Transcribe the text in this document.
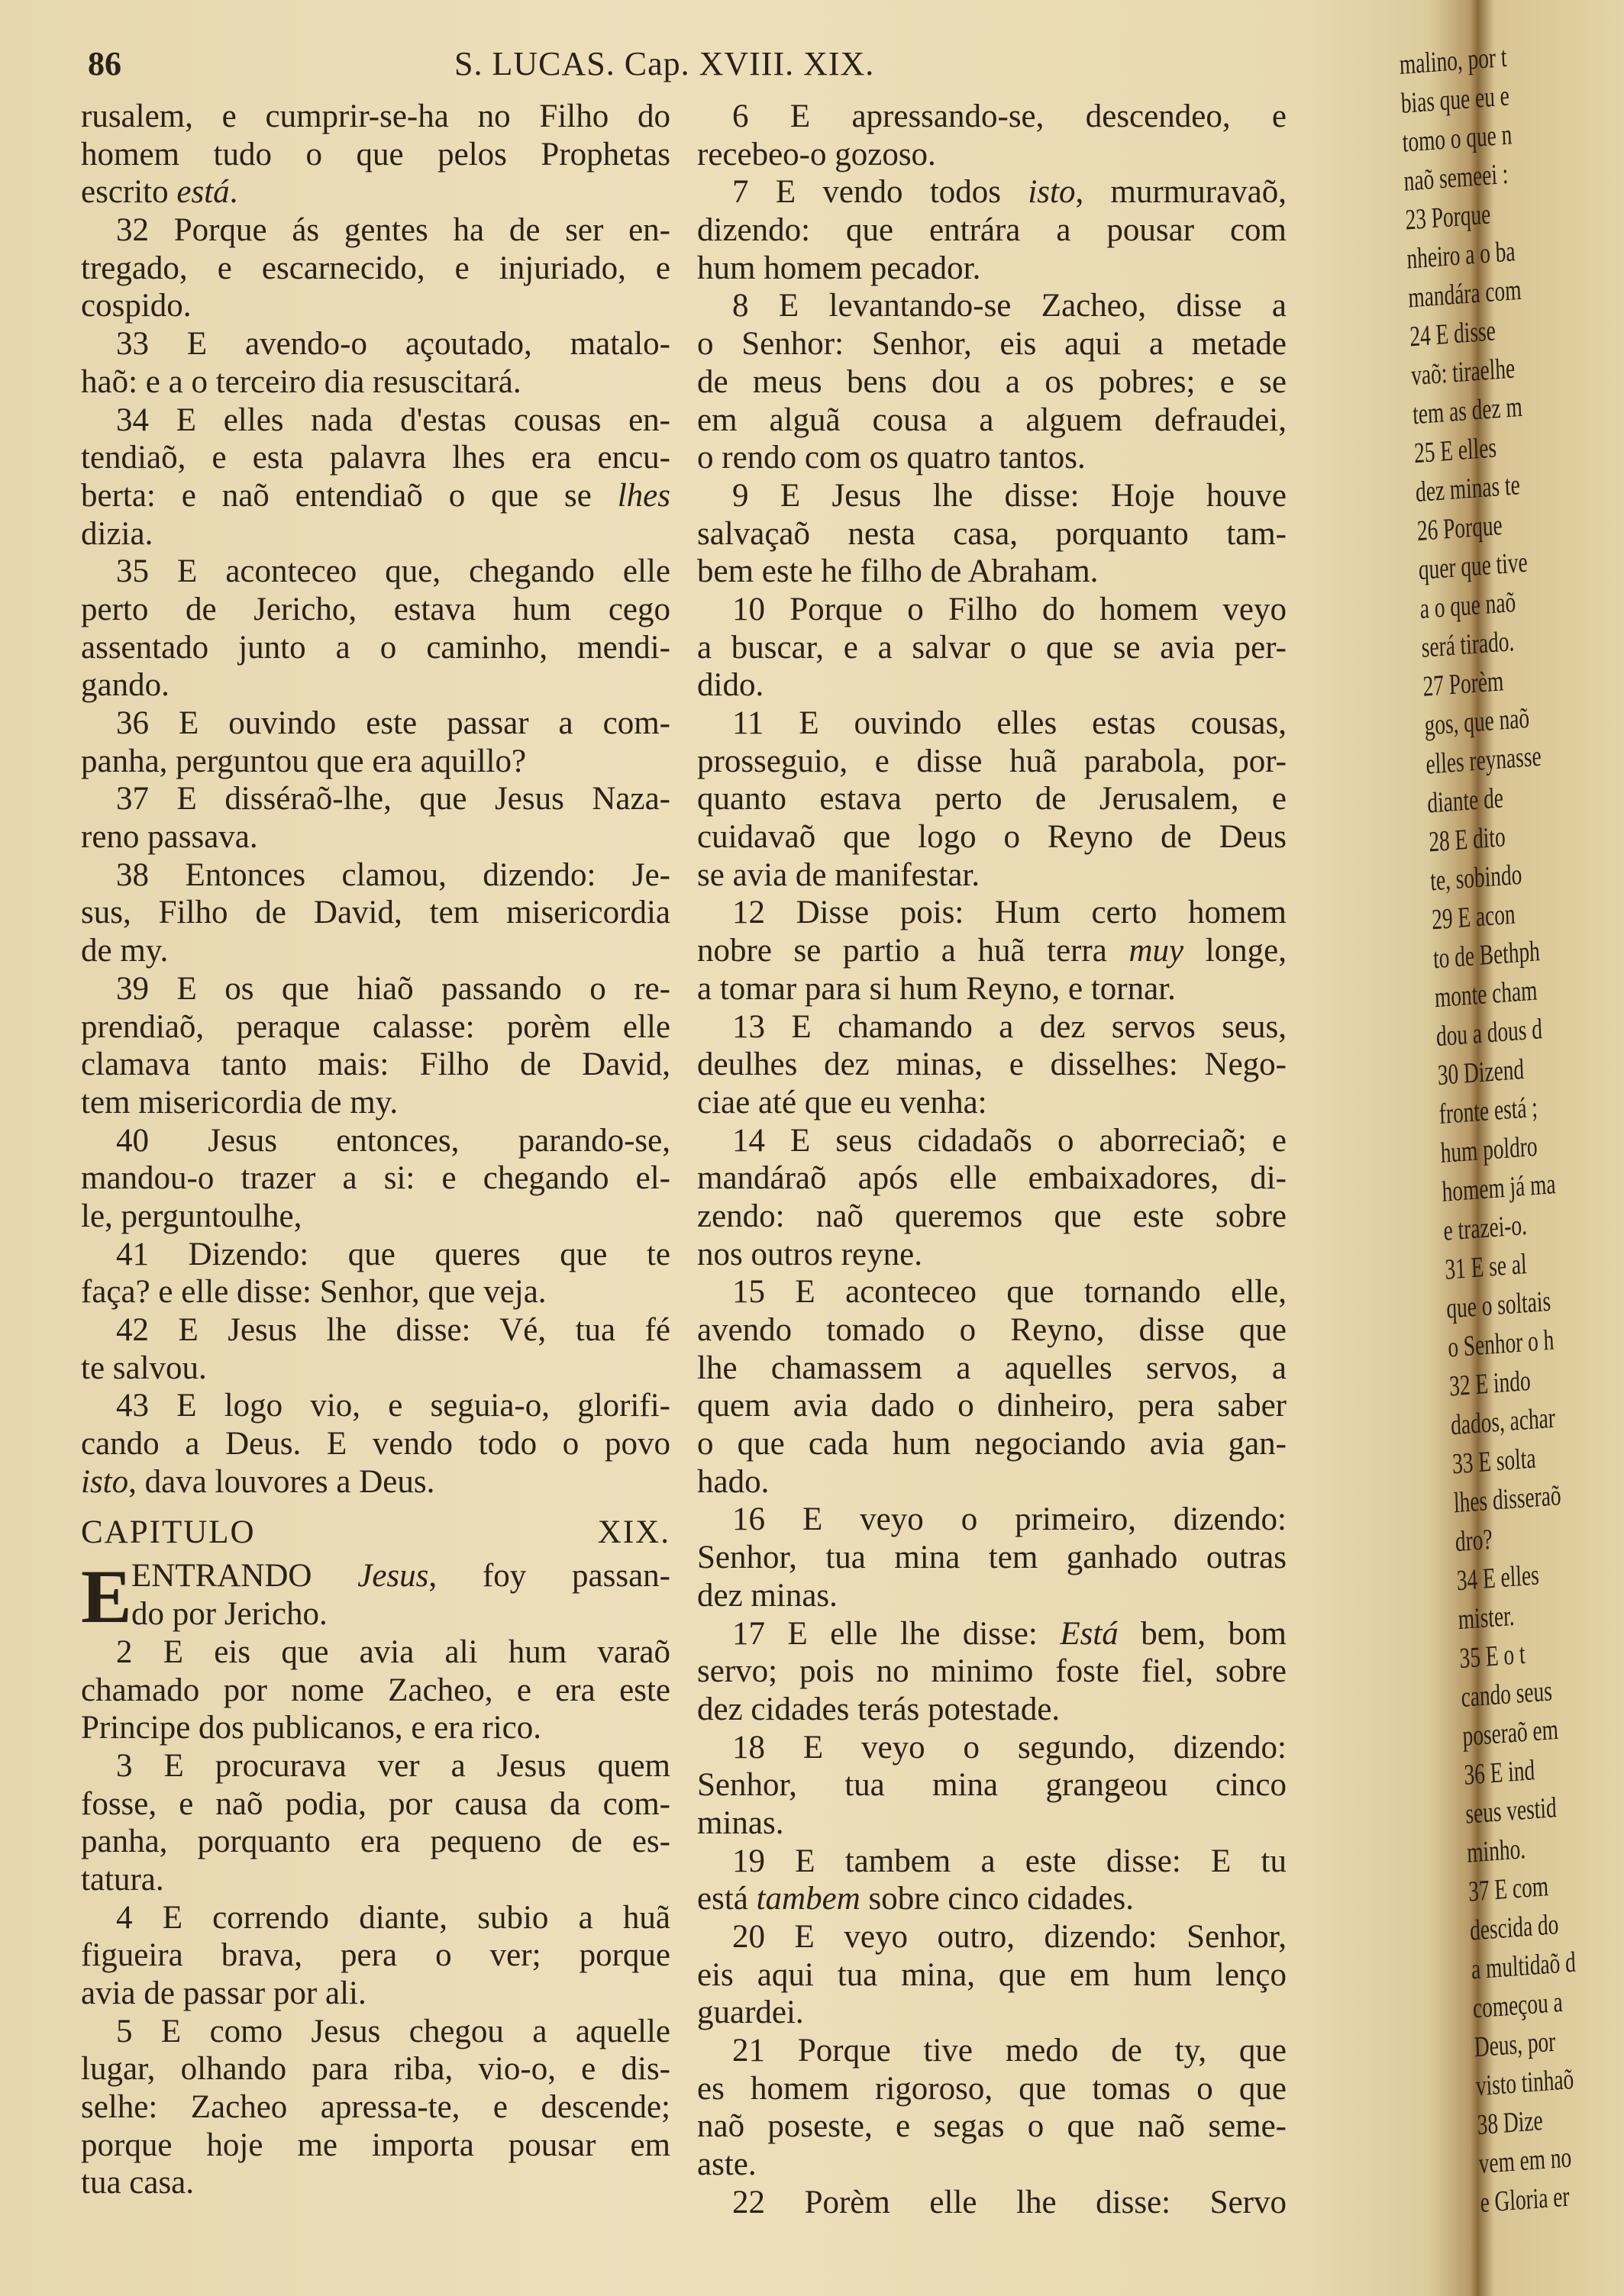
86	S. LUCAS. Cap. XVIII. XIX.
rusalem, e cumprir-se-ha no Filho do
homem tudo o que pelos Prophetas
escrito está.
32 Porque ás gentes ha de ser en-
tregado, e escarnecido, e injuriado, e
cospido.
33 E avendo-o açoutado, matalo-
haõ: e a o terceiro dia resuscitará.
34 E elles nada d'estas cousas en-
tendiaõ, e esta palavra lhes era encu-
berta: e naõ entendiaõ o que se lhes
dizia.
35 E aconteceo que, chegando elle
perto de Jericho, estava hum cego
assentado junto a o caminho, mendi-
gando.
36 E ouvindo este passar a com-
panha, perguntou que era aquillo?
37 E disséraõ-lhe, que Jesus Naza-
reno passava.
38 Entonces clamou, dizendo: Je-
sus, Filho de David, tem misericordia
de my.
39 E os que hiaõ passando o re-
prendiaõ, peraque calasse: porèm elle
clamava tanto mais: Filho de David,
tem misericordia de my.
40 Jesus entonces, parando-se,
mandou-o trazer a si: e chegando el-
le, perguntoulhe,
41 Dizendo: que queres que te
faça? e elle disse: Senhor, que veja.
42 E Jesus lhe disse: Vé, tua fé
te salvou.
43 E logo vio, e seguia-o, glorifi-
cando a Deus. E vendo todo o povo
isto, dava louvores a Deus.
CAPITULO XIX.
E ENTRANDO Jesus, foy passan-
do por Jericho.
2 E eis que avia ali hum varaõ
chamado por nome Zacheo, e era este
Principe dos publicanos, e era rico.
3 E procurava ver a Jesus quem
fosse, e naõ podia, por causa da com-
panha, porquanto era pequeno de es-
tatura.
4 E correndo diante, subio a huã
figueira brava, pera o ver; porque
avia de passar por ali.
5 E como Jesus chegou a aquelle
lugar, olhando para riba, vio-o, e dis-
selhe: Zacheo apressa-te, e descende;
porque hoje me importa pousar em
tua casa.
6 E apressando-se, descendeo, e
recebeo-o gozoso.
7 E vendo todos isto, murmuravaõ,
dizendo: que entrára a pousar com
hum homem pecador.
8 E levantando-se Zacheo, disse a
o Senhor: Senhor, eis aqui a metade
de meus bens dou a os pobres; e se
em alguã cousa a alguem defraudei,
o rendo com os quatro tantos.
9 E Jesus lhe disse: Hoje houve
salvaçaõ nesta casa, porquanto tam-
bem este he filho de Abraham.
10 Porque o Filho do homem veyo
a buscar, e a salvar o que se avia per-
dido.
11 E ouvindo elles estas cousas,
prosseguio, e disse huã parabola, por-
quanto estava perto de Jerusalem, e
cuidavaõ que logo o Reyno de Deus
se avia de manifestar.
12 Disse pois: Hum certo homem
nobre se partio a huã terra muy longe,
a tomar para si hum Reyno, e tornar.
13 E chamando a dez servos seus,
deulhes dez minas, e disselhes: Nego-
ciae até que eu venha:
14 E seus cidadaõs o aborreciaõ; e
mandáraõ após elle embaixadores, di-
zendo: naõ queremos que este sobre
nos outros reyne.
15 E aconteceo que tornando elle,
avendo tomado o Reyno, disse que
lhe chamassem a aquelles servos, a
quem avia dado o dinheiro, pera saber
o que cada hum negociando avia gan-
hado.
16 E veyo o primeiro, dizendo:
Senhor, tua mina tem ganhado outras
dez minas.
17 E elle lhe disse: Está bem, bom
servo; pois no minimo foste fiel, sobre
dez cidades terás potestade.
18 E veyo o segundo, dizendo:
Senhor, tua mina grangeou cinco
minas.
19 E tambem a este disse: E tu
está tambem sobre cinco cidades.
20 E veyo outro, dizendo: Senhor,
eis aqui tua mina, que em hum lenço
guardei.
21 Porque tive medo de ty, que
es homem rigoroso, que tomas o que
naõ poseste, e segas o que naõ seme-
aste.
22 Porèm elle lhe disse: Servo
malino, por t
bias que eu e
tomo o que n
naõ semeei :
23 Porque
nheiro a o ba
mandára com
24 E disse
vaõ: tiraelhe
tem as dez m
25 E elles
dez minas te
26 Porque
quer que tive
a o que naõ
será tirado.
27 Porèm
gos, que naõ
elles reynasse
diante de
28 E dito
te, sobindo
29 E acon
to de Bethph
monte cham
dou a dous d
30 Dizend
fronte está ;
hum poldro
homem já ma
e trazei-o.
31 E se al
que o soltais
o Senhor o h
32 E indo
dados, achar
33 E solta
lhes disseraõ
dro?
34 E elles
mister.
35 E o t
cando seus
poseraõ em
36 E ind
seus vestid
minho.
37 E com
descida do
a multidaõ d
começou a
Deus, por
visto tinhaõ
38 Dize
vem em no
e Gloria er
